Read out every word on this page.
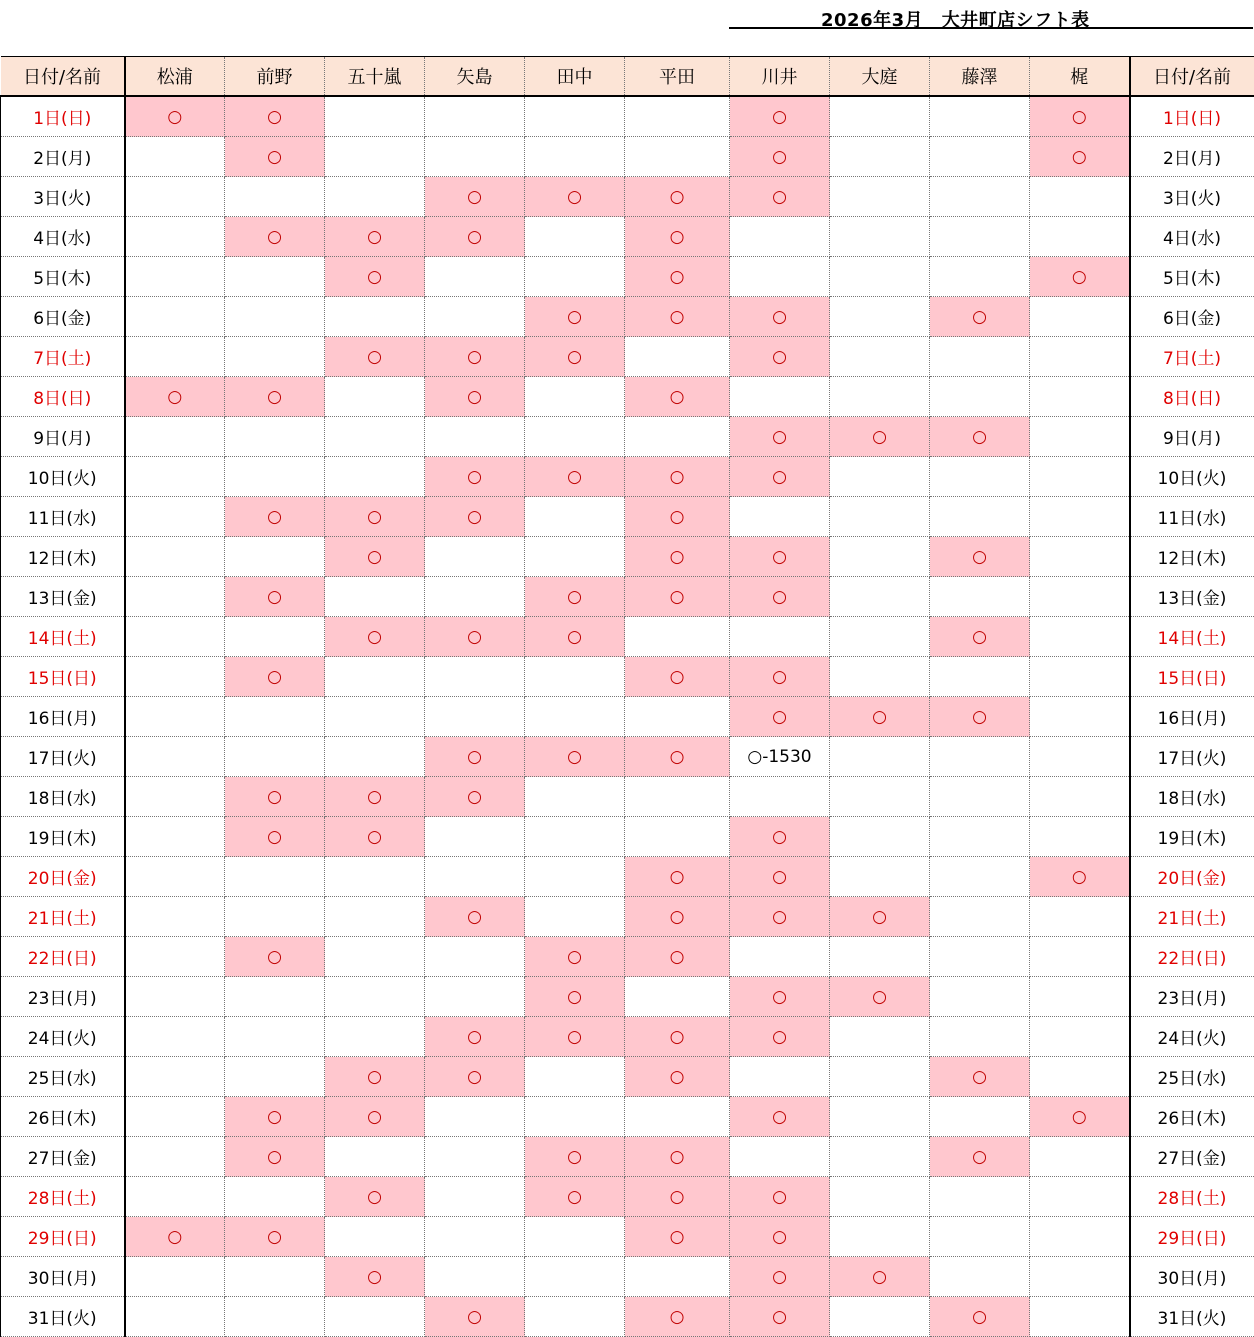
2026年3月　大井町店シフト表
日付/名前	松浦	前野	五十嵐	矢島	田中	平田	川井	大庭	藤澤	梶	日付/名前
1日(日)	○	○					○			○	1日(日)
2日(月)		○					○			○	2日(月)
3日(火)				○	○	○	○				3日(火)
4日(水)		○	○	○		○					4日(水)
5日(木)			○			○				○	5日(木)
6日(金)					○	○	○		○		6日(金)
7日(土)			○	○	○		○				7日(土)
8日(日)	○	○		○		○					8日(日)
9日(月)							○	○	○		9日(月)
10日(火)				○	○	○	○				10日(火)
11日(水)		○	○	○		○					11日(水)
12日(木)			○			○	○		○		12日(木)
13日(金)		○			○	○	○				13日(金)
14日(土)			○	○	○				○		14日(土)
15日(日)		○				○	○				15日(日)
16日(月)							○	○	○		16日(月)
17日(火)				○	○	○	○-1530				17日(火)
18日(水)		○	○	○							18日(水)
19日(木)		○	○				○				19日(木)
20日(金)						○	○			○	20日(金)
21日(土)				○		○	○	○			21日(土)
22日(日)		○			○	○					22日(日)
23日(月)					○		○	○			23日(月)
24日(火)				○	○	○	○				24日(火)
25日(水)			○	○		○			○		25日(水)
26日(木)		○	○				○			○	26日(木)
27日(金)		○			○	○			○		27日(金)
28日(土)			○		○	○	○				28日(土)
29日(日)	○	○				○	○				29日(日)
30日(月)			○				○	○			30日(月)
31日(火)				○		○	○		○		31日(火)
